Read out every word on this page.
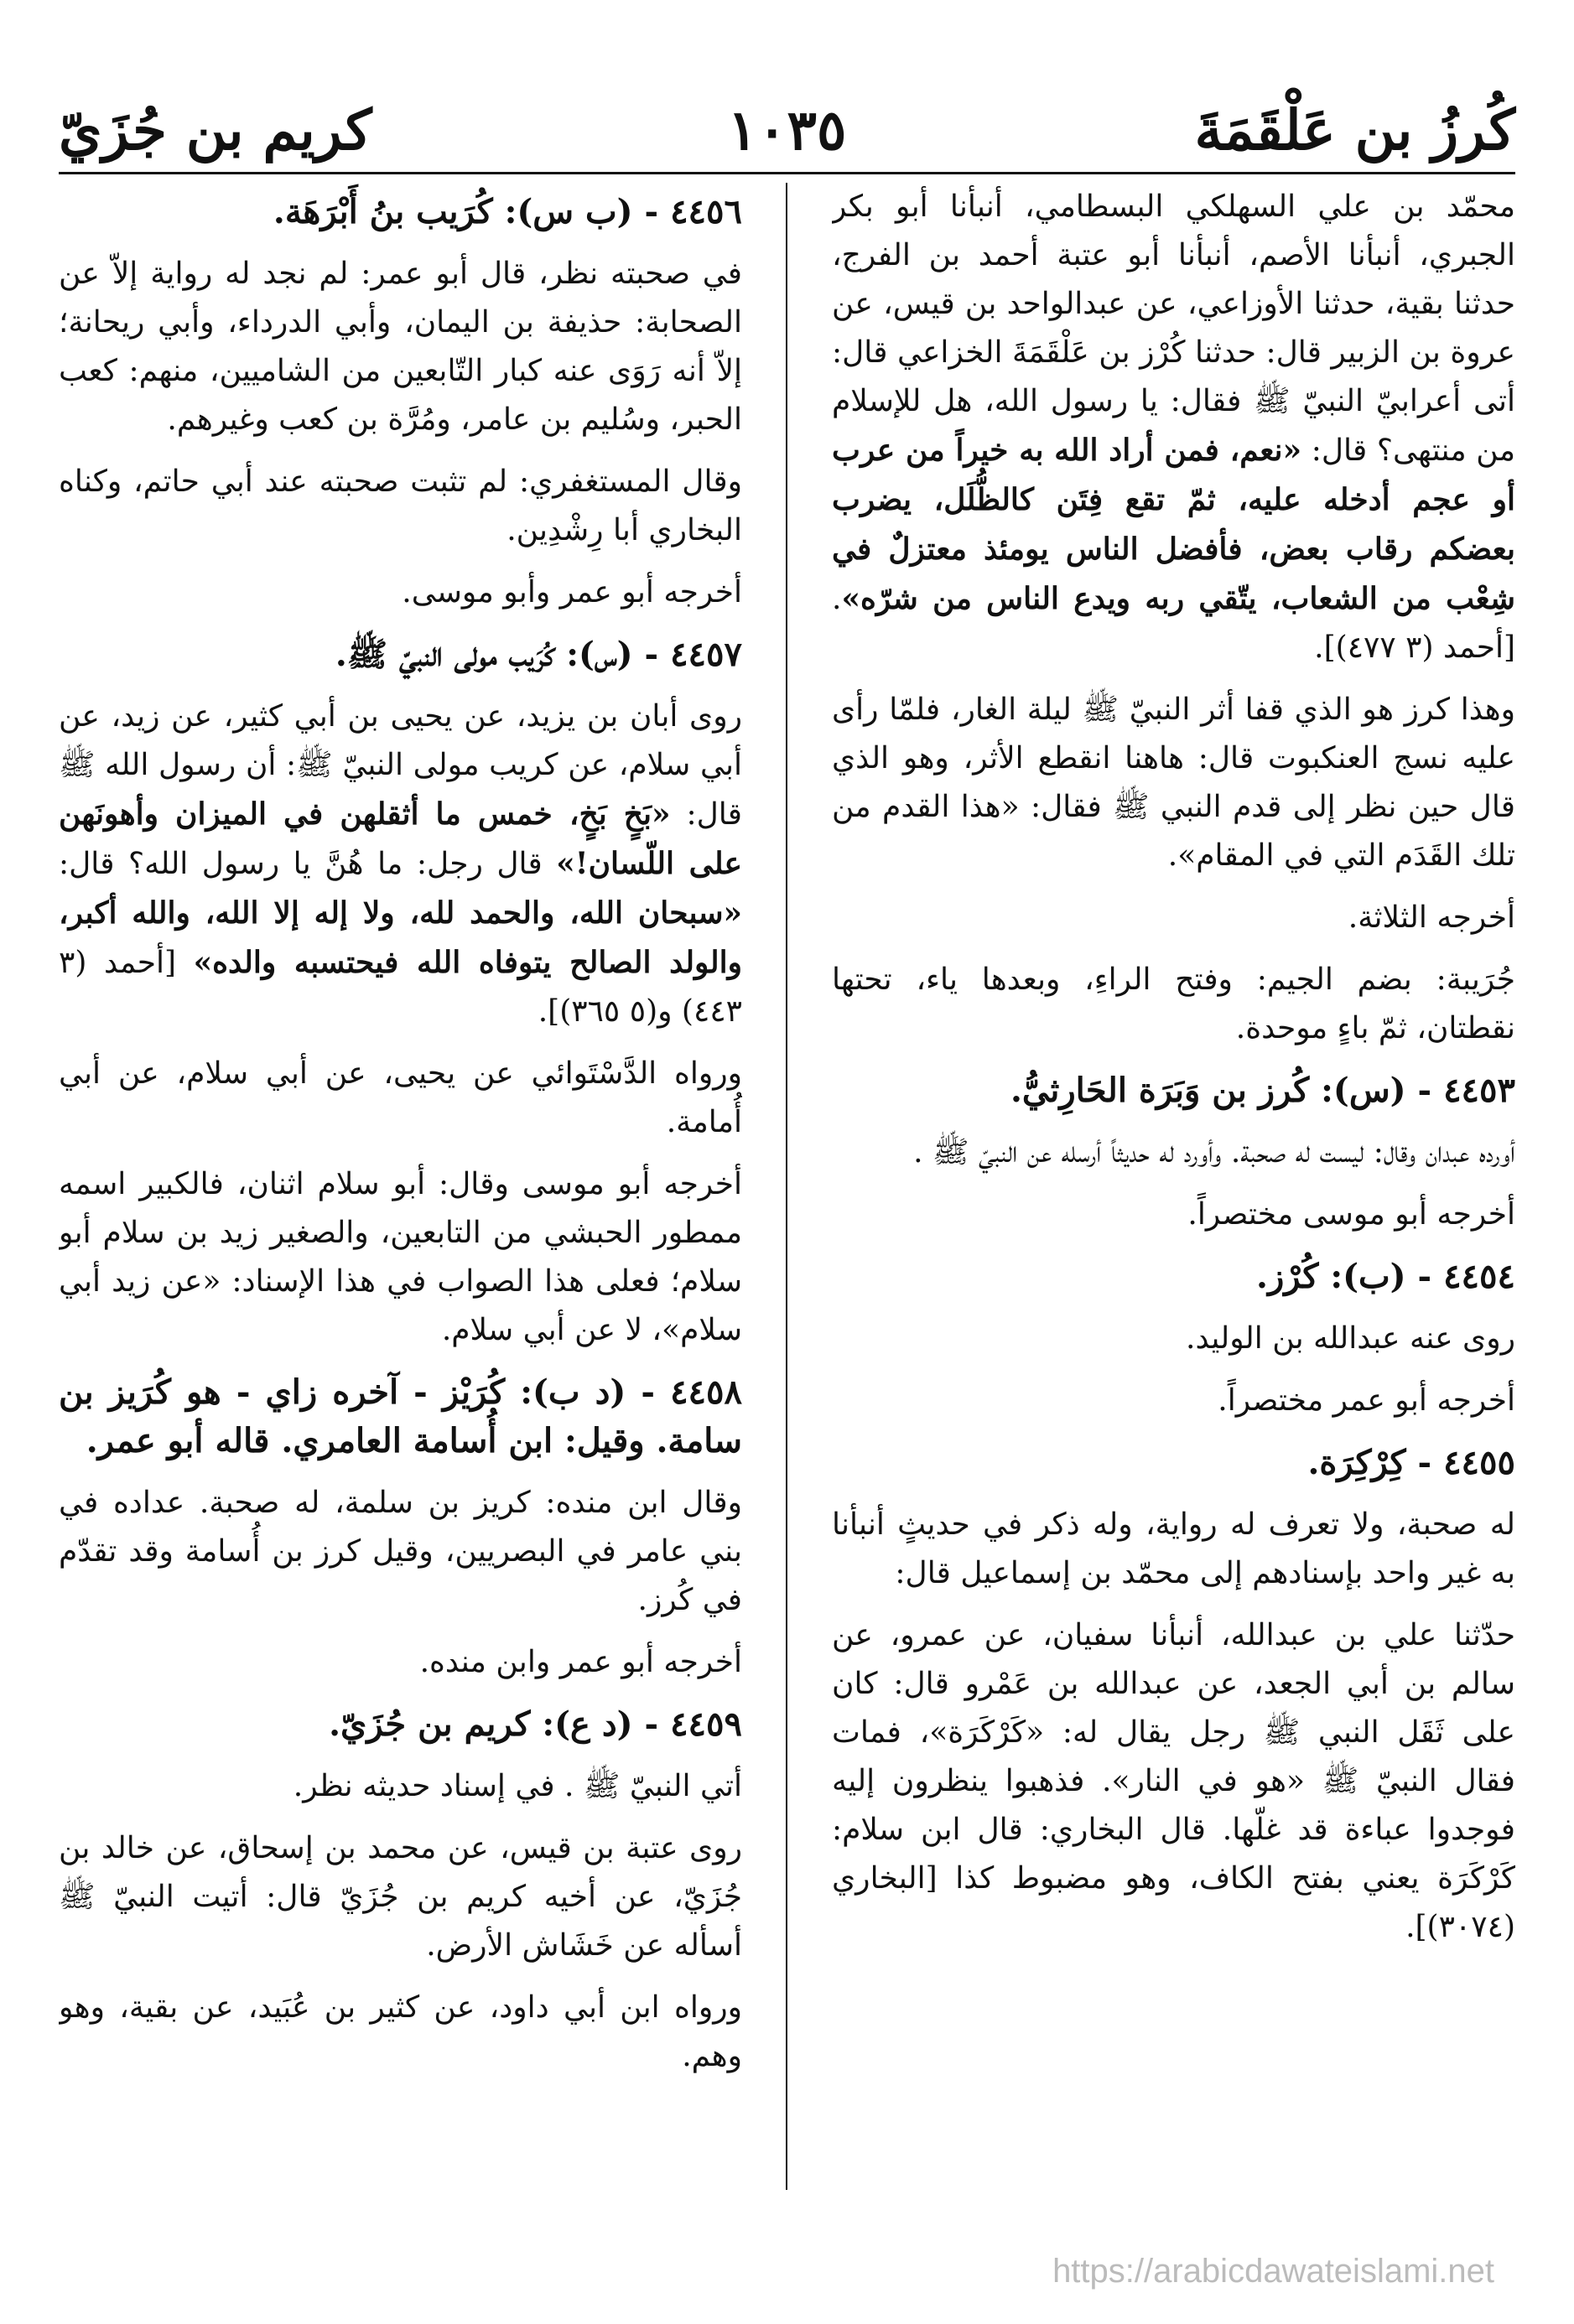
كُرزُ بن عَلْقَمَةَ
١٠٣٥
كريم بن جُزَيّ

محمّد بن علي السهلكي البسطامي، أنبأنا أبو بكر الجبري، أنبأنا الأصم، أنبأنا أبو عتبة أحمد بن الفرج، حدثنا بقية، حدثنا الأوزاعي، عن عبدالواحد بن قيس، عن عروة بن الزبير قال: حدثنا كُرْز بن عَلْقَمَةَ الخزاعي قال: أتى أعرابيّ النبيّ ﷺ فقال: يا رسول الله، هل للإسلام من منتهى؟ قال: «نعم، فمن أراد الله به خيراً من عرب أو عجم أدخله عليه، ثمّ تقع فِتَن كالظُّلَل، يضرب بعضكم رقاب بعض، فأفضل الناس يومئذ معتزلٌ في شِعْب من الشعاب، يتّقي ربه ويدع الناس من شرّه». [أحمد (٣ ٤٧٧)].

وهذا كرز هو الذي قفا أثر النبيّ ﷺ ليلة الغار، فلمّا رأى عليه نسج العنكبوت قال: هاهنا انقطع الأثر، وهو الذي قال حين نظر إلى قدم النبي ﷺ فقال: «هذا القدم من تلك القَدَم التي في المقام».

أخرجه الثلاثة.

جُرَيبة: بضم الجيم: وفتح الراءِ، وبعدها ياء، تحتها نقطتان، ثمّ باءٍ موحدة.

٤٤٥٣ - (س): كُرز بن وَبَرَة الحَارِثيُّ.

أورده عبدان وقال: ليست له صحبة. وأورد له حديثاً أرسله عن النبيّ ﷺ .

أخرجه أبو موسى مختصراً.

٤٤٥٤ - (ب): كُرْز.

روى عنه عبدالله بن الوليد.

أخرجه أبو عمر مختصراً.

٤٤٥٥ - كِرْكِرَة.

له صحبة، ولا تعرف له رواية، وله ذكر في حديثٍ أنبأنا به غير واحد بإسنادهم إلى محمّد بن إسماعيل قال:

حدّثنا علي بن عبدالله، أنبأنا سفيان، عن عمرو، عن سالم بن أبي الجعد، عن عبدالله بن عَمْرو قال: كان على ثَقَل النبي ﷺ رجل يقال له: «كَرْكَرَة»، فمات فقال النبيّ ﷺ «هو في النار». فذهبوا ينظرون إليه فوجدوا عباءة قد غلّها. قال البخاري: قال ابن سلام: كَرْكَرَة يعني بفتح الكاف، وهو مضبوط كذا [البخاري (٣٠٧٤)].

٤٤٥٦ - (ب س): كُرَيب بنُ أَبْرَهَة.

في صحبته نظر، قال أبو عمر: لم نجد له رواية إلاّ عن الصحابة: حذيفة بن اليمان، وأبي الدرداء، وأبي ريحانة؛ إلاّ أنه رَوَى عنه كبار التّابعين من الشاميين، منهم: كعب الحبر، وسُليم بن عامر، ومُرَّة بن كعب وغيرهم.

وقال المستغفري: لم تثبت صحبته عند أبي حاتم، وكناه البخاري أبا رِشْدِين.

أخرجه أبو عمر وأبو موسى.

٤٤٥٧ - (س): كُرَيب مولى النبيّ ﷺ.

روى أبان بن يزيد، عن يحيى بن أبي كثير، عن زيد، عن أبي سلام، عن كريب مولى النبيّ ﷺ: أن رسول الله ﷺ قال: «بَخٍ بَخٍ، خمس ما أثقلهن في الميزان وأهونَهن على اللّسان!» قال رجل: ما هُنَّ يا رسول الله؟ قال: «سبحان الله، والحمد لله، ولا إله إلا الله، والله أكبر، والولد الصالح يتوفاه الله فيحتسبه والده» [أحمد (٣ ٤٤٣) و(٥ ٣٦٥)].

ورواه الدَّسْتَوائي عن يحيى، عن أبي سلام، عن أبي أُمامة.

أخرجه أبو موسى وقال: أبو سلام اثنان، فالكبير اسمه ممطور الحبشي من التابعين، والصغير زيد بن سلام أبو سلام؛ فعلى هذا الصواب في هذا الإسناد: «عن زيد أبي سلام»، لا عن أبي سلام.

٤٤٥٨ - (د ب): كُرَيْز - آخره زاي - هو كُرَيز بن سامة. وقيل: ابن أُسامة العامري. قاله أبو عمر.

وقال ابن منده: كريز بن سلمة، له صحبة. عداده في بني عامر في البصريين، وقيل كرز بن أُسامة وقد تقدّم في كُرز.

أخرجه أبو عمر وابن منده.

٤٤٥٩ - (د ع): كريم بن جُزَيّ.

أتي النبيّ ﷺ . في إسناد حديثه نظر.

روى عتبة بن قيس، عن محمد بن إسحاق، عن خالد بن جُزَيّ، عن أخيه كريم بن جُزَيّ قال: أتيت النبيّ ﷺ أسأله عن خَشَاش الأرض.

ورواه ابن أبي داود، عن كثير بن عُبَيد، عن بقية، وهو وهم.

https://arabicdawateislami.net
